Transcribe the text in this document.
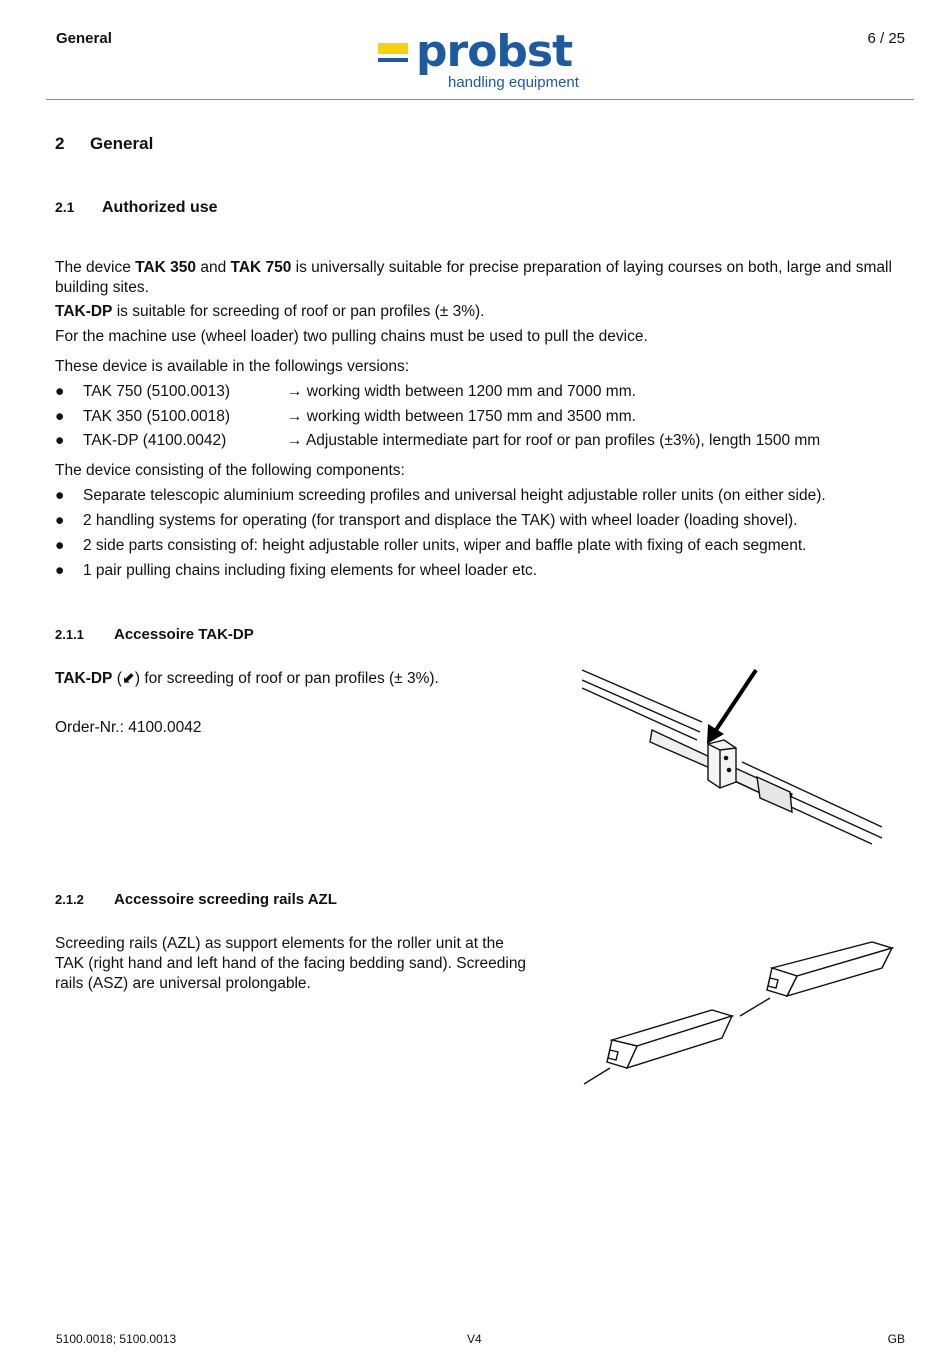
General	6 / 25
probst
handling equipment
2 General
2.1 Authorized use
The device TAK 350 and TAK 750 is universally suitable for precise preparation of laying courses on both, large and small
building sites.
TAK-DP is suitable for screeding of roof or pan profiles (± 3%).
For the machine use (wheel loader) two pulling chains must be used to pull the device.
These device is available in the followings versions:
● TAK 750 (5100.0013)	→ working width between 1200 mm and 7000 mm.
● TAK 350 (5100.0018)	→ working width between 1750 mm and 3500 mm.
● TAK-DP (4100.0042)	→ Adjustable intermediate part for roof or pan profiles (±3%), length 1500 mm
The device consisting of the following components:
● Separate telescopic aluminium screeding profiles and universal height adjustable roller units (on either side).
● 2 handling systems for operating (for transport and displace the TAK) with wheel loader (loading shovel).
● 2 side parts consisting of: height adjustable roller units, wiper and baffle plate with fixing of each segment.
● 1 pair pulling chains including fixing elements for wheel loader etc.
2.1.1 Accessoire TAK-DP
TAK-DP (⬋) for screeding of roof or pan profiles (± 3%).
Order-Nr.: 4100.0042
2.1.2 Accessoire screeding rails AZL
Screeding rails (AZL) as support elements for the roller unit at the
TAK (right hand and left hand of the facing bedding sand). Screeding
rails (ASZ) are universal prolongable.
5100.0018; 5100.0013	V4	GB
